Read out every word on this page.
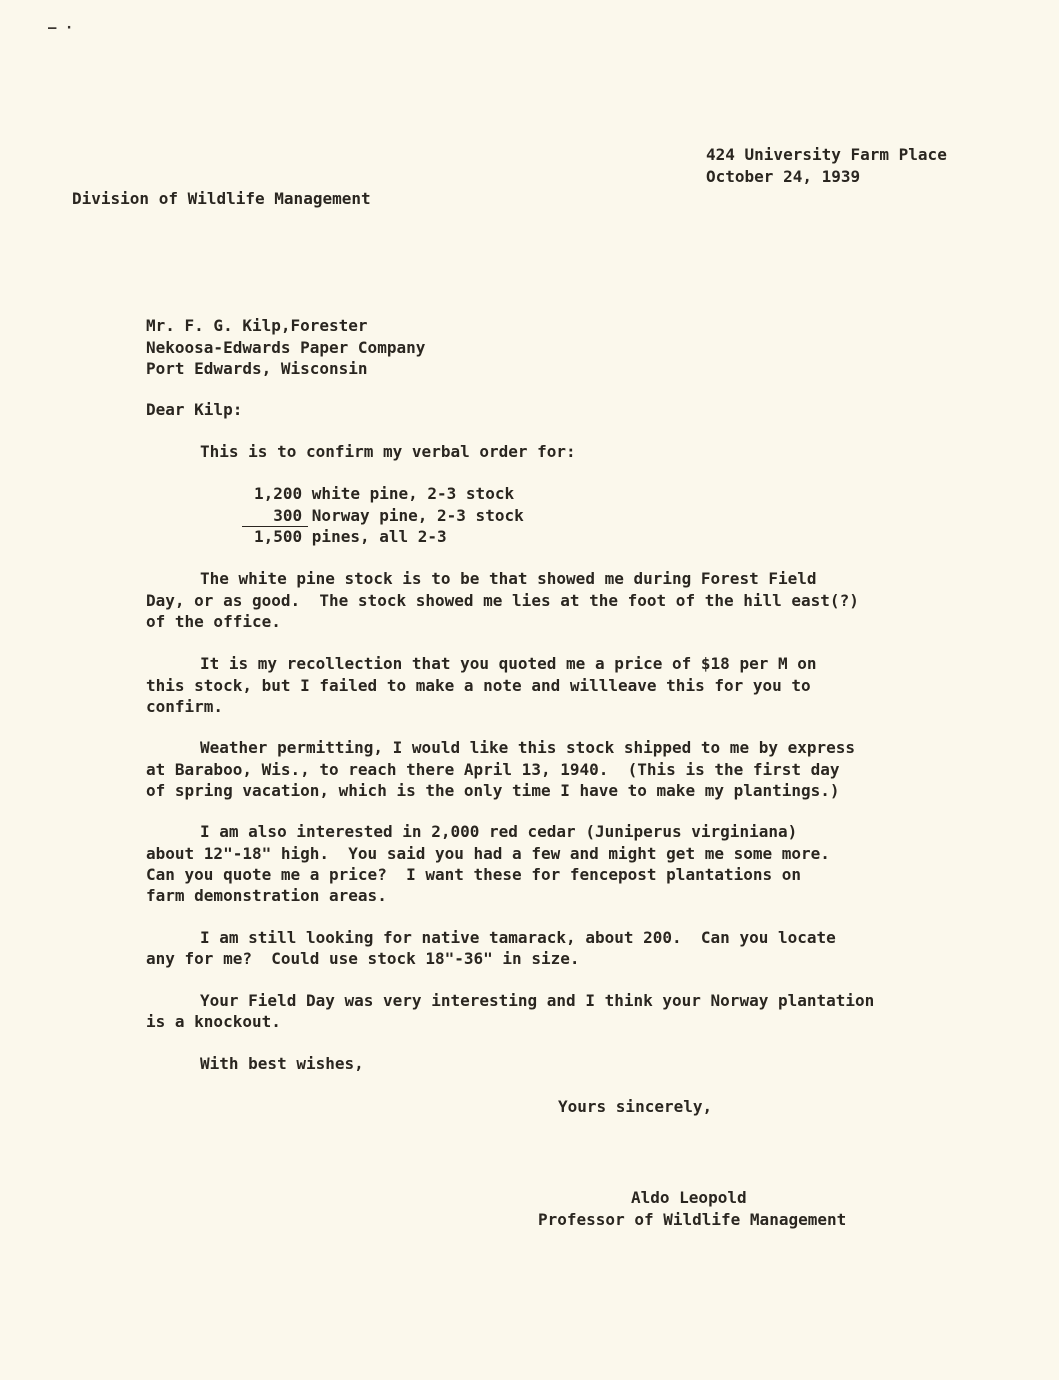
— ·
424 University Farm Place
October 24, 1939
Division of Wildlife Management
Mr. F. G. Kilp,Forester
Nekoosa-Edwards Paper Company
Port Edwards, Wisconsin
Dear Kilp:
This is to confirm my verbal order for:
1,200 white pine, 2-3 stock
300 Norway pine, 2-3 stock
1,500 pines, all 2-3
The white pine stock is to be that showed me during Forest Field
Day, or as good.  The stock showed me lies at the foot of the hill east(?)
of the office.
It is my recollection that you quoted me a price of $18 per M on
this stock, but I failed to make a note and willleave this for you to
confirm.
Weather permitting, I would like this stock shipped to me by express
at Baraboo, Wis., to reach there April 13, 1940.  (This is the first day
of spring vacation, which is the only time I have to make my plantings.)
I am also interested in 2,000 red cedar (Juniperus virginiana)
about 12"-18" high.  You said you had a few and might get me some more.
Can you quote me a price?  I want these for fencepost plantations on
farm demonstration areas.
I am still looking for native tamarack, about 200.  Can you locate
any for me?  Could use stock 18"-36" in size.
Your Field Day was very interesting and I think your Norway plantation
is a knockout.
With best wishes,
Yours sincerely,
Aldo Leopold
Professor of Wildlife Management
